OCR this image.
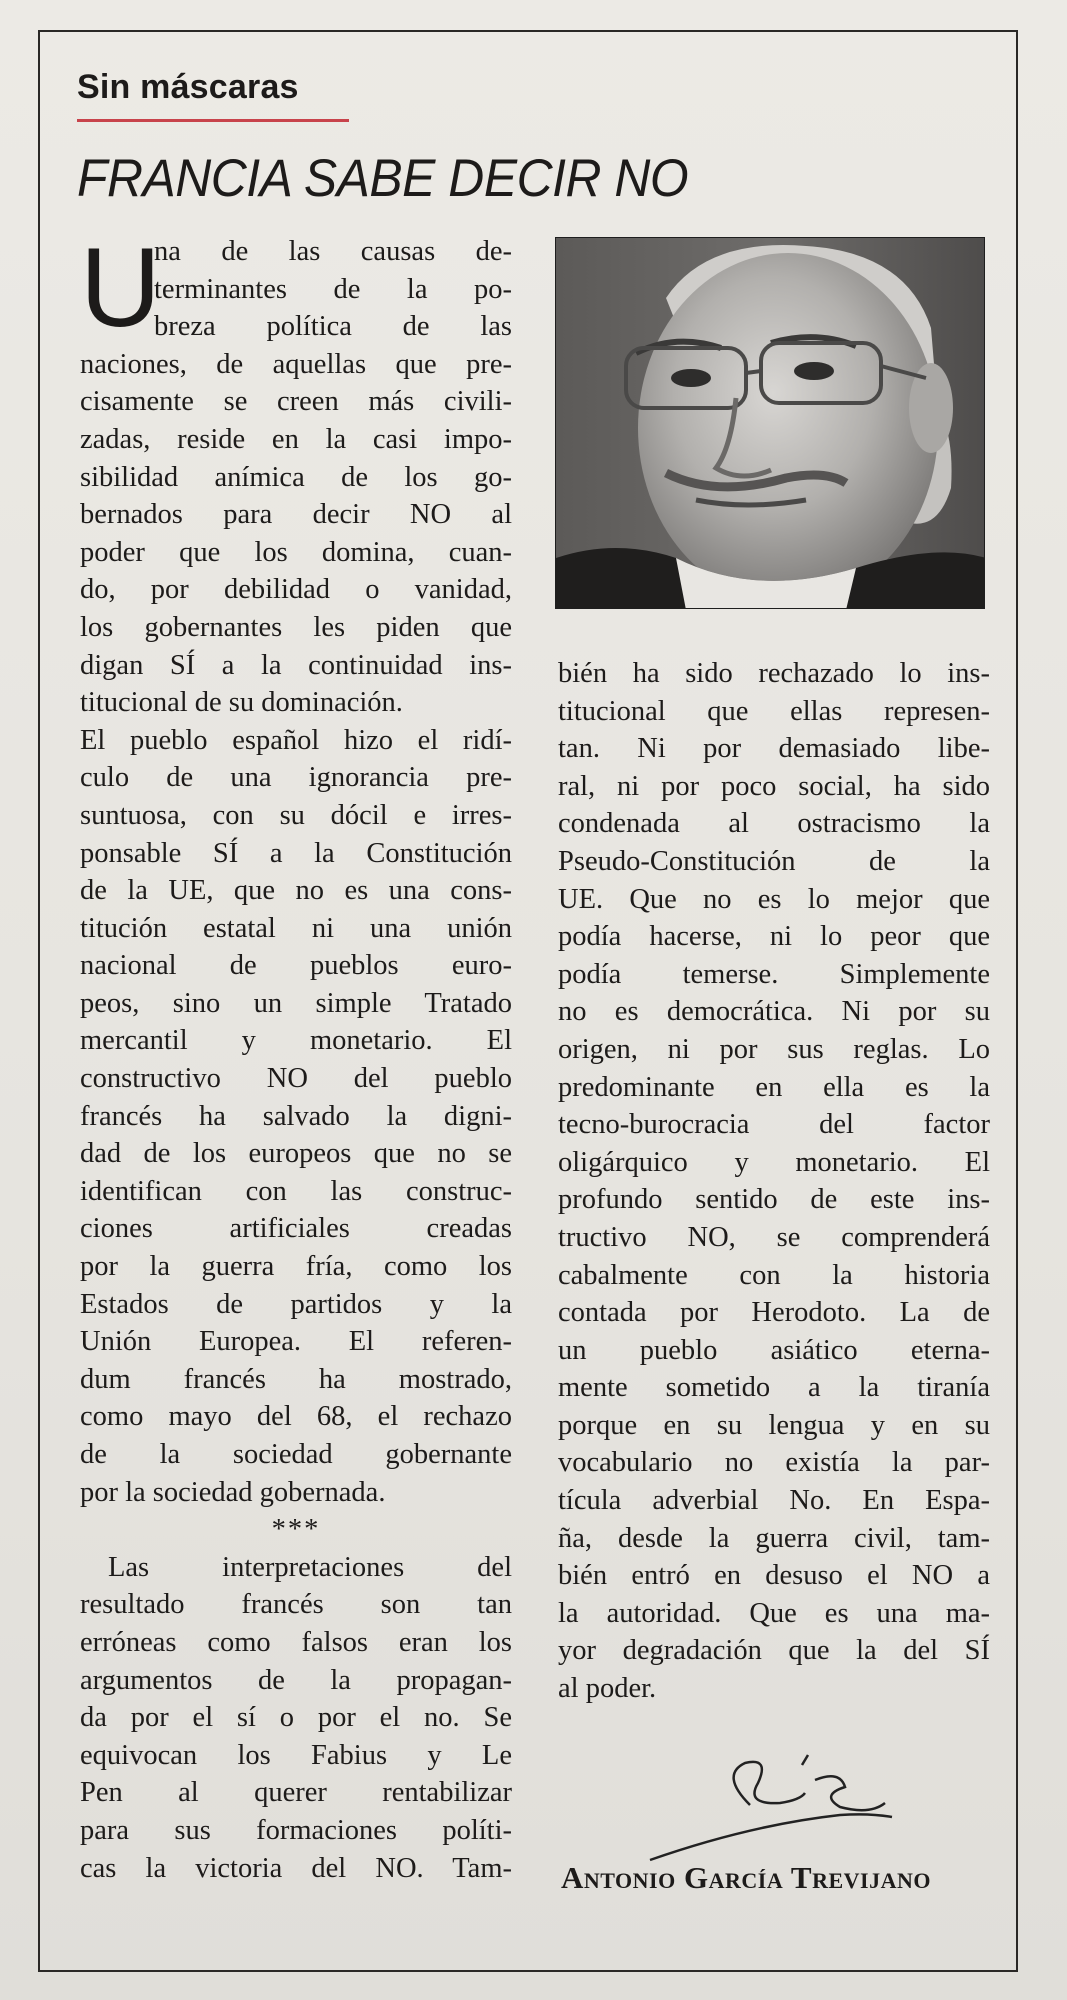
Sin máscaras
FRANCIA SABE DECIR NO
U
na de las causas de-
terminantes de la po-
breza política de las
naciones, de aquellas que pre-
cisamente se creen más civili-
zadas, reside en la casi impo-
sibilidad anímica de los go-
bernados para decir NO al
poder que los domina, cuan-
do, por debilidad o vanidad,
los gobernantes les piden que
digan SÍ a la continuidad ins-
titucional de su dominación.
El pueblo español hizo el ridí-
culo de una ignorancia pre-
suntuosa, con su dócil e irres-
ponsable SÍ a la Constitución
de la UE, que no es una cons-
titución estatal ni una unión
nacional de pueblos euro-
peos, sino un simple Tratado
mercantil y monetario. El
constructivo NO del pueblo
francés ha salvado la digni-
dad de los europeos que no se
identifican con las construc-
ciones artificiales creadas
por la guerra fría, como los
Estados de partidos y la
Unión Europea. El referen-
dum francés ha mostrado,
como mayo del 68, el rechazo
de la sociedad gobernante
por la sociedad gobernada.
***
Las interpretaciones del
resultado francés son tan
erróneas como falsos eran los
argumentos de la propagan-
da por el sí o por el no. Se
equivocan los Fabius y Le
Pen al querer rentabilizar
para sus formaciones políti-
cas la victoria del NO. Tam-
bién ha sido rechazado lo ins-
titucional que ellas represen-
tan. Ni por demasiado libe-
ral, ni por poco social, ha sido
condenada al ostracismo la
Pseudo-Constitución de la
UE. Que no es lo mejor que
podía hacerse, ni lo peor que
podía temerse. Simplemente
no es democrática. Ni por su
origen, ni por sus reglas. Lo
predominante en ella es la
tecno-burocracia del factor
oligárquico y monetario. El
profundo sentido de este ins-
tructivo NO, se comprenderá
cabalmente con la historia
contada por Herodoto. La de
un pueblo asiático eterna-
mente sometido a la tiranía
porque en su lengua y en su
vocabulario no existía la par-
tícula adverbial No. En Espa-
ña, desde la guerra civil, tam-
bién entró en desuso el NO a
la autoridad. Que es una ma-
yor degradación que la del SÍ
al poder.
Antonio García Trevijano
